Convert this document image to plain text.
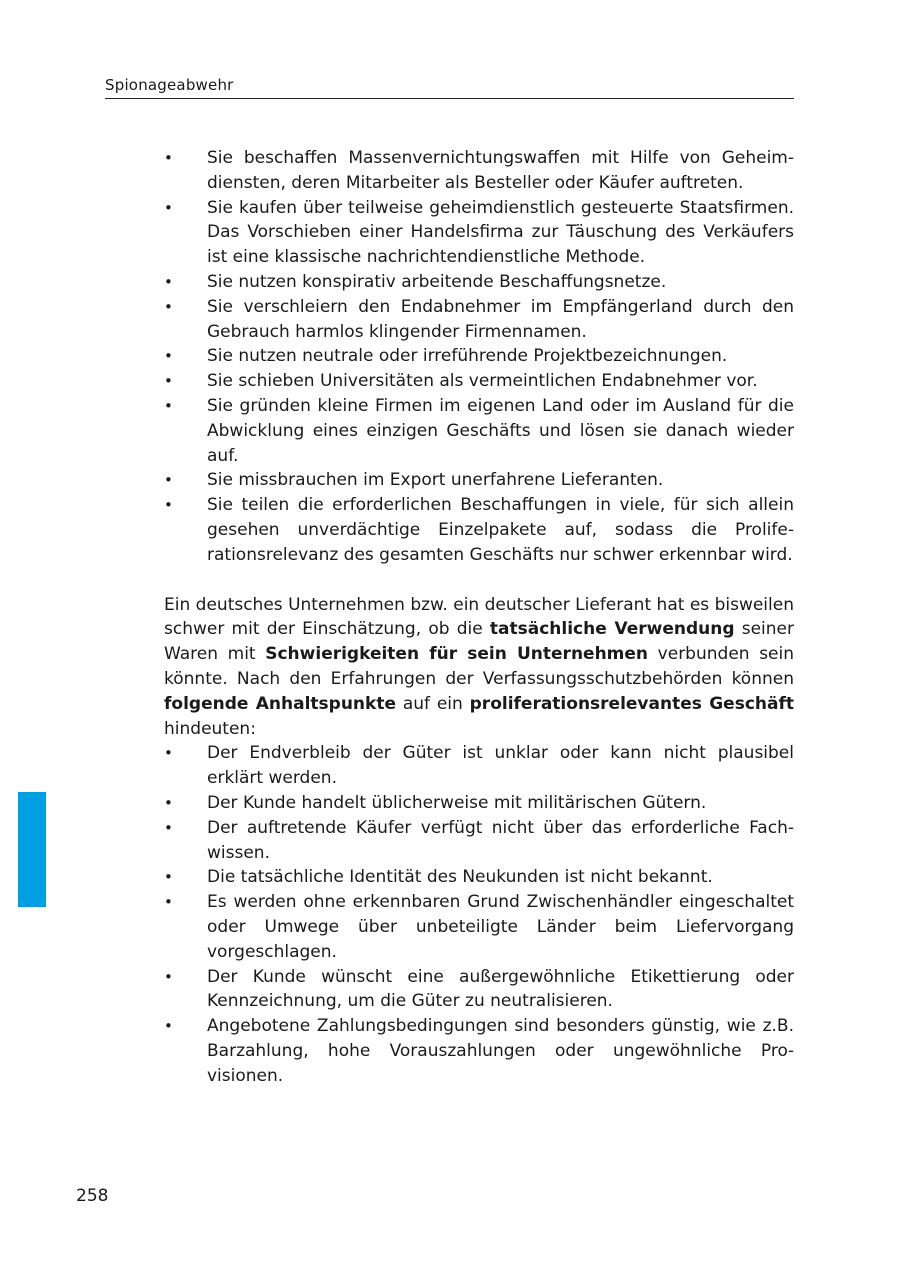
Spionageabwehr
• Sie beschaffen Massenvernichtungswaffen mit Hilfe von Geheimdiensten, deren Mitarbeiter als Besteller oder Käufer auftreten.
• Sie kaufen über teilweise geheimdienstlich gesteuerte Staatsfirmen. Das Vorschieben einer Handelsfirma zur Täuschung des Verkäufers ist eine klassische nachrichtendienstliche Methode.
• Sie nutzen konspirativ arbeitende Beschaffungsnetze.
• Sie verschleiern den Endabnehmer im Empfängerland durch den Gebrauch harmlos klingender Firmennamen.
• Sie nutzen neutrale oder irreführende Projektbezeichnungen.
• Sie schieben Universitäten als vermeintlichen Endabnehmer vor.
• Sie gründen kleine Firmen im eigenen Land oder im Ausland für die Abwicklung eines einzigen Geschäfts und lösen sie danach wieder auf.
• Sie missbrauchen im Export unerfahrene Lieferanten.
• Sie teilen die erforderlichen Beschaffungen in viele, für sich allein gesehen unverdächtige Einzelpakete auf, sodass die Proliferationsrelevanz des gesamten Geschäfts nur schwer erkennbar wird.

Ein deutsches Unternehmen bzw. ein deutscher Lieferant hat es bisweilen schwer mit der Einschätzung, ob die tatsächliche Verwendung seiner Waren mit Schwierigkeiten für sein Unternehmen verbunden sein könnte. Nach den Erfahrungen der Verfassungsschutzbehörden können folgende Anhaltspunkte auf ein proliferationsrelevantes Geschäft hindeuten:

• Der Endverbleib der Güter ist unklar oder kann nicht plausibel erklärt werden.
• Der Kunde handelt üblicherweise mit militärischen Gütern.
• Der auftretende Käufer verfügt nicht über das erforderliche Fachwissen.
• Die tatsächliche Identität des Neukunden ist nicht bekannt.
• Es werden ohne erkennbaren Grund Zwischenhändler eingeschaltet oder Umwege über unbeteiligte Länder beim Liefervorgang vorgeschlagen.
• Der Kunde wünscht eine außergewöhnliche Etikettierung oder Kennzeichnung, um die Güter zu neutralisieren.
• Angebotene Zahlungsbedingungen sind besonders günstig, wie z.B. Barzahlung, hohe Vorauszahlungen oder ungewöhnliche Provisionen.
258
